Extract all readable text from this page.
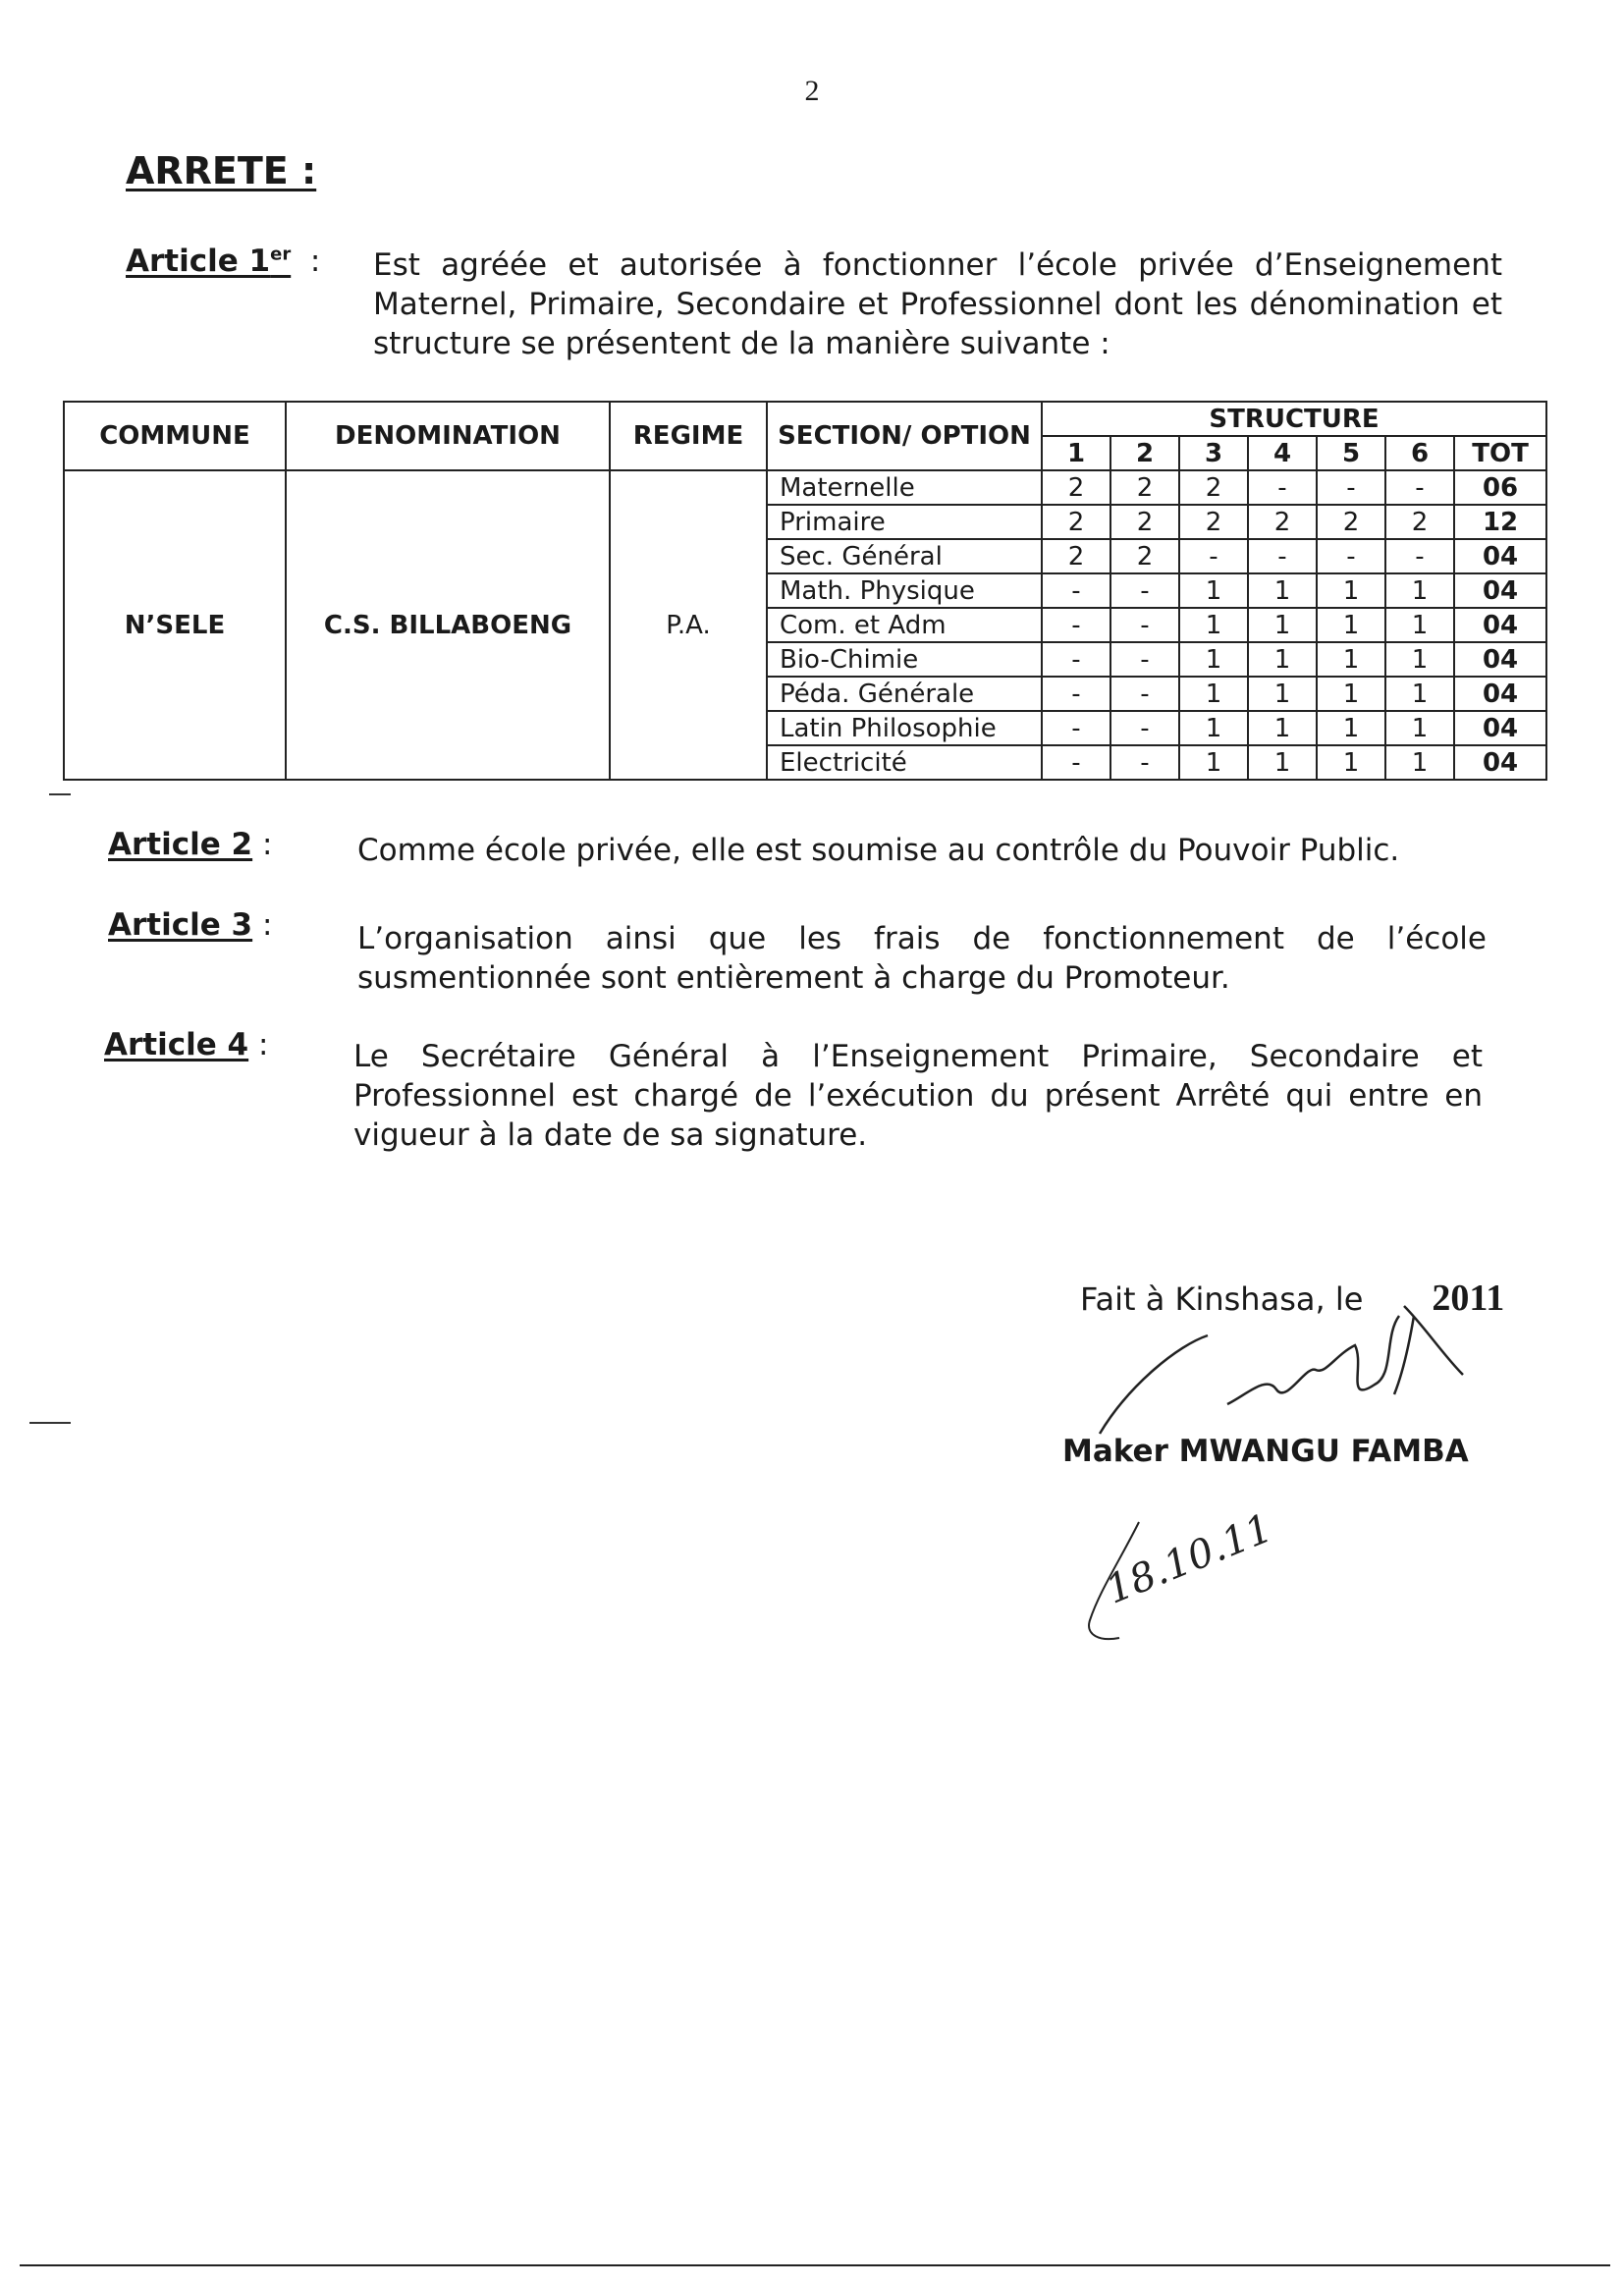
2
ARRETE :
Article 1er  : Est agréée et autorisée à fonctionner l’école privée d’Enseignement Maternel, Primaire, Secondaire et Professionnel dont les dénomination et structure se présentent de la manière suivante :
COMMUNE	DENOMINATION	REGIME	SECTION/ OPTION	STRUCTURE						
				1	2	3	4	5	6	TOT
N’SELE	C.S. BILLABOENG	P.A.	Maternelle	2	2	2	-	-	-	06
			Primaire	2	2	2	2	2	2	12
			Sec. Général	2	2	-	-	-	-	04
			Math. Physique	-	-	1	1	1	1	04
			Com. et Adm	-	-	1	1	1	1	04
			Bio-Chimie	-	-	1	1	1	1	04
			Péda. Générale	-	-	1	1	1	1	04
			Latin Philosophie	-	-	1	1	1	1	04
			Electricité	-	-	1	1	1	1	04
Article 2 :	Comme école privée, elle est soumise au contrôle du Pouvoir Public.
Article 3 :	L’organisation ainsi que les frais de fonctionnement de l’école susmentionnée sont entièrement à charge du Promoteur.
Article 4 :	Le Secrétaire Général à l’Enseignement Primaire, Secondaire et Professionnel est chargé de l’exécution du présent Arrêté qui entre en vigueur à la date de sa signature.
Fait à Kinshasa, le 2011
Maker MWANGU FAMBA
18.10.11
